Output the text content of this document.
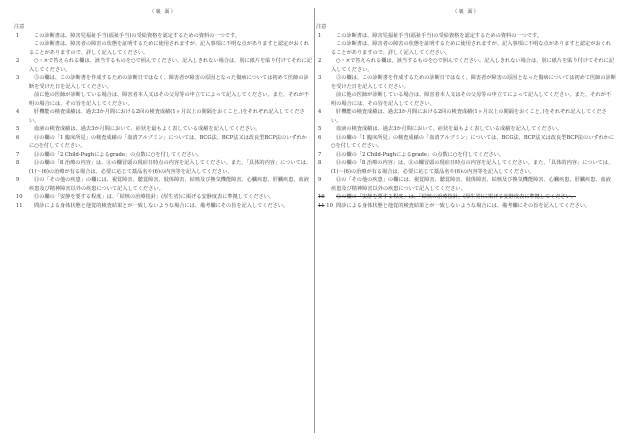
（裏 面）
注意
1	この診断書は、障害児福祉手当(福祉手当)の受給資格を認定するための資料の一つです。

この診断書は、障害者の障害の状態を証明するために使用されますが、記入事項に不明な点がありますと認定がおくれることがありますので、詳しく記入してください。

2	○・×で答えられる欄は、該当するものを○で囲んでください。記入しきれない場合は、別に紙片を貼り付けてそれに記入してください。

3	⑤の欄は、この診断書を作成するための診断日ではなく、障害者が障害の原因となった傷病については初めて医師の診断を受けた日を記入してください。

前に他の医師が診断している場合は、障害者本人又はその父母等の申立てによって記入してください。また、それが不明の場合には、その旨を記入してください。

4	肝機能の検査成績は、過去3か月間における2回の検査成績(1ヶ月以上の間隔をおくこと。)をそれぞれ記入してください。

5	血液の検査成績は、過去3か月間において、症状を最もよく表している成績を記入してください。

6	⑪の欄の「1 臨床所見」の検査成績の「血清アルブミン」については、BCG法、BCP法又は改良型BCP法のいずれかに○を付してください。

7	⑪の欄の「2 Child-Pughによるgrade」の点数に○を付してください。

8	⑪の欄の「8 治療の内容」は、⑪の欄冒頭の現症日時点の内容を記入してください。また、「具体的内容」については、(1)～(6)の治療が有る場合は、必要に応じて薬品名や(6)の内容等を記入してください。

9	⑪の「その他の疾患」の欄には、視覚障害、聴覚障害、肢体障害、結核及び換気機能障害、心臓疾患、肝臓疾患、血液疾患及び精神障害以外の疾患について記入してください。

10	⑫の欄の「安静を要する程度」は、「結核の治療指針」(厚生省)に掲げる安静度表に準拠してください。

11	問診による身体状態と他覚的検査結果とが一致しないような場合には、備考欄にその旨を記入してください。

（裏 面）
注意
1	この診断書は、障害児福祉手当(福祉手当)の受給資格を認定するための資料の一つです。

この診断書は、障害者の障害の状態を証明するために使用されますが、記入事項に不明な点がありますと認定がおくれることがありますので、詳しく記入してください。

2	○・×で答えられる欄は、該当するものを○で囲んでください。記入しきれない場合は、別に紙片を貼り付けてそれに記入してください。

3	⑤の欄は、この診断書を作成するための診断日ではなく、障害者が障害の原因となった傷病については初めて医師の診断を受けた日を記入してください。

前に他の医師が診断している場合は、障害者本人又はその父母等の申立てによって記入してください。また、それが不明の場合には、その旨を記入してください。

4	肝機能の検査成績は、過去3か月間における2回の検査成績(1ヶ月以上の間隔をおくこと。)をそれぞれ記入してください。

5	血液の検査成績は、過去3か月間において、症状を最もよく表している成績を記入してください。

6	⑪の欄の「1 臨床所見」の検査成績の「血清アルブミン」については、BCG法、BCP法又は改良型BCP法のいずれかに○を付してください。

7	⑪の欄の「2 Child-Pughによるgrade」の点数に○を付してください。

8	⑪の欄の「8 治療の内容」は、⑪の欄冒頭の現症日時点の内容を記入してください。また、「具体的内容」については、(1)～(6)の治療が有る場合は、必要に応じて薬品名や(6)の内容等を記入してください。

9	⑪の「その他の疾患」の欄には、視覚障害、聴覚障害、肢体障害、結核及び換気機能障害、心臓疾患、肝臓疾患、血液疾患及び精神障害以外の疾患について記入してください。

10	⑫の欄の「安静を要する程度」は、「結核の治療指針」(厚生省)に掲げる安静度表に準拠してください。

11 10 問診による身体状態と他覚的検査結果とが一致しないような場合には、備考欄にその旨を記入してください。
